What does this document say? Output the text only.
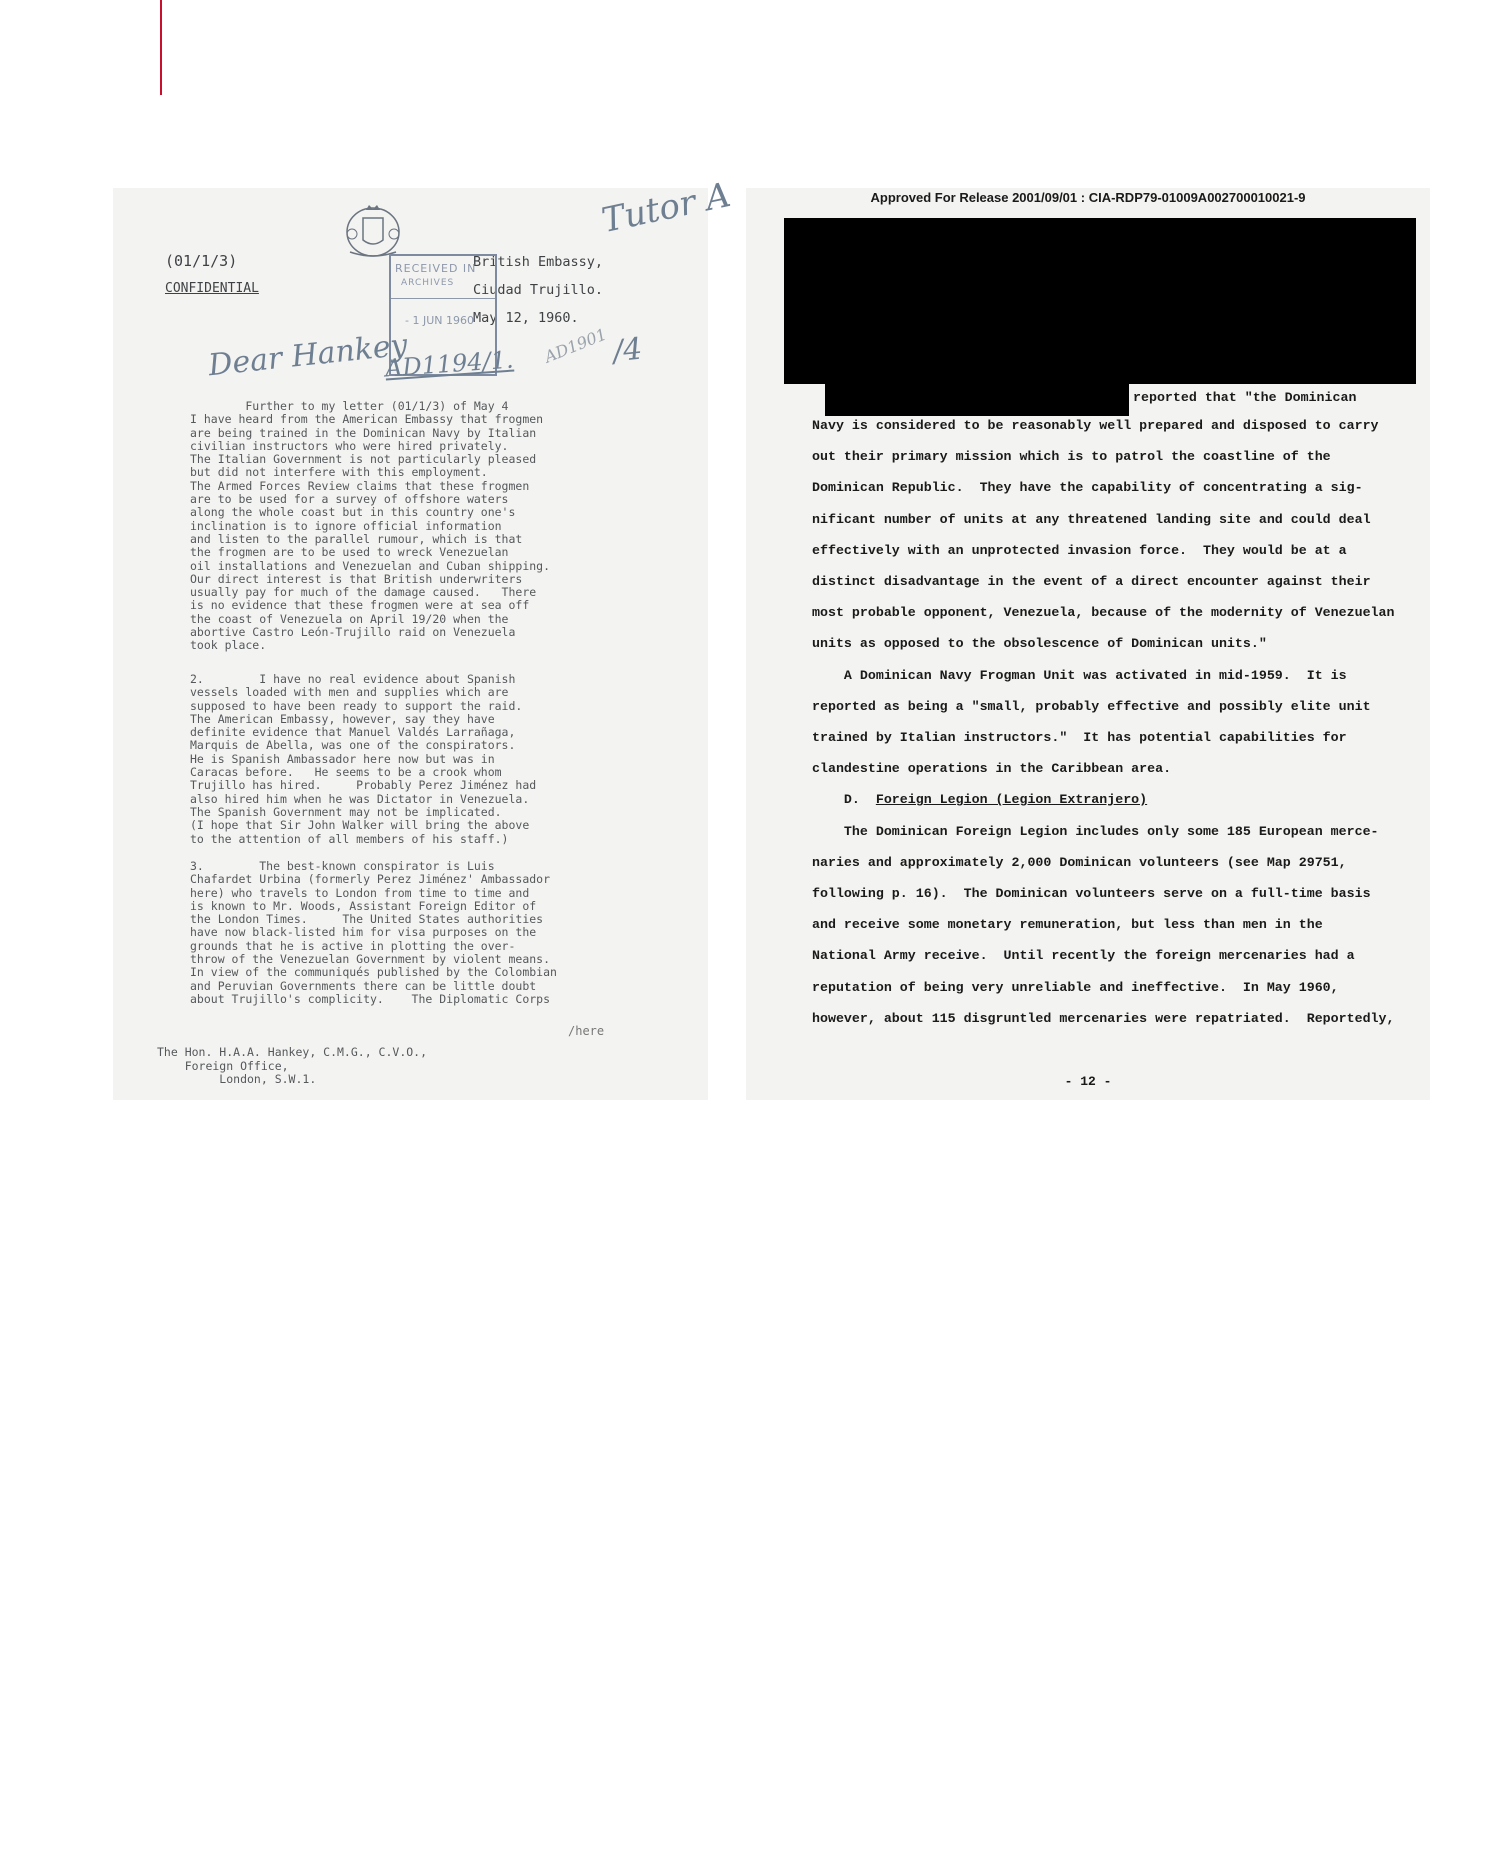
Tutor A
(01/1/3)
CONFIDENTIAL
British Embassy,
Ciudad Trujillo.
May 12, 1960.
RECEIVED IN
ARCHIVES
- 1 JUN 1960
Dear Hankey
AD1194/1. AD1901 /4
Further to my letter (01/1/3) of May 4
I have heard from the American Embassy that frogmen
are being trained in the Dominican Navy by Italian
civilian instructors who were hired privately.
The Italian Government is not particularly pleased
but did not interfere with this employment.
The Armed Forces Review claims that these frogmen
are to be used for a survey of offshore waters
along the whole coast but in this country one's
inclination is to ignore official information
and listen to the parallel rumour, which is that
the frogmen are to be used to wreck Venezuelan
oil installations and Venezuelan and Cuban shipping.
Our direct interest is that British underwriters
usually pay for much of the damage caused.   There
is no evidence that these frogmen were at sea off
the coast of Venezuela on April 19/20 when the
abortive Castro León-Trujillo raid on Venezuela
took place.
2.        I have no real evidence about Spanish
vessels loaded with men and supplies which are
supposed to have been ready to support the raid.
The American Embassy, however, say they have
definite evidence that Manuel Valdés Larrañaga,
Marquis de Abella, was one of the conspirators.
He is Spanish Ambassador here now but was in
Caracas before.   He seems to be a crook whom
Trujillo has hired.     Probably Perez Jiménez had
also hired him when he was Dictator in Venezuela.
The Spanish Government may not be implicated.
(I hope that Sir John Walker will bring the above
to the attention of all members of his staff.)
3.        The best-known conspirator is Luis
Chafardet Urbina (formerly Perez Jiménez' Ambassador
here) who travels to London from time to time and
is known to Mr. Woods, Assistant Foreign Editor of
the London Times.     The United States authorities
have now black-listed him for visa purposes on the
grounds that he is active in plotting the over-
throw of the Venezuelan Government by violent means.
In view of the communiqués published by the Colombian
and Peruvian Governments there can be little doubt
about Trujillo's complicity.    The Diplomatic Corps
/here
The Hon. H.A.A. Hankey, C.M.G., C.V.O.,
Foreign Office,
London, S.W.1.
Approved For Release 2001/09/01 : CIA-RDP79-01009A002700010021-9
reported that "the Dominican
Navy is considered to be reasonably well prepared and disposed to carry
out their primary mission which is to patrol the coastline of the
Dominican Republic.  They have the capability of concentrating a sig-
nificant number of units at any threatened landing site and could deal
effectively with an unprotected invasion force.  They would be at a
distinct disadvantage in the event of a direct encounter against their
most probable opponent, Venezuela, because of the modernity of Venezuelan
units as opposed to the obsolescence of Dominican units."
A Dominican Navy Frogman Unit was activated in mid-1959.  It is
reported as being a "small, probably effective and possibly elite unit
trained by Italian instructors."  It has potential capabilities for
clandestine operations in the Caribbean area.
D.  Foreign Legion (Legion Extranjero)
The Dominican Foreign Legion includes only some 185 European merce-
naries and approximately 2,000 Dominican volunteers (see Map 29751,
following p. 16).  The Dominican volunteers serve on a full-time basis
and receive some monetary remuneration, but less than men in the
National Army receive.  Until recently the foreign mercenaries had a
reputation of being very unreliable and ineffective.  In May 1960,
however, about 115 disgruntled mercenaries were repatriated.  Reportedly,
- 12 -
